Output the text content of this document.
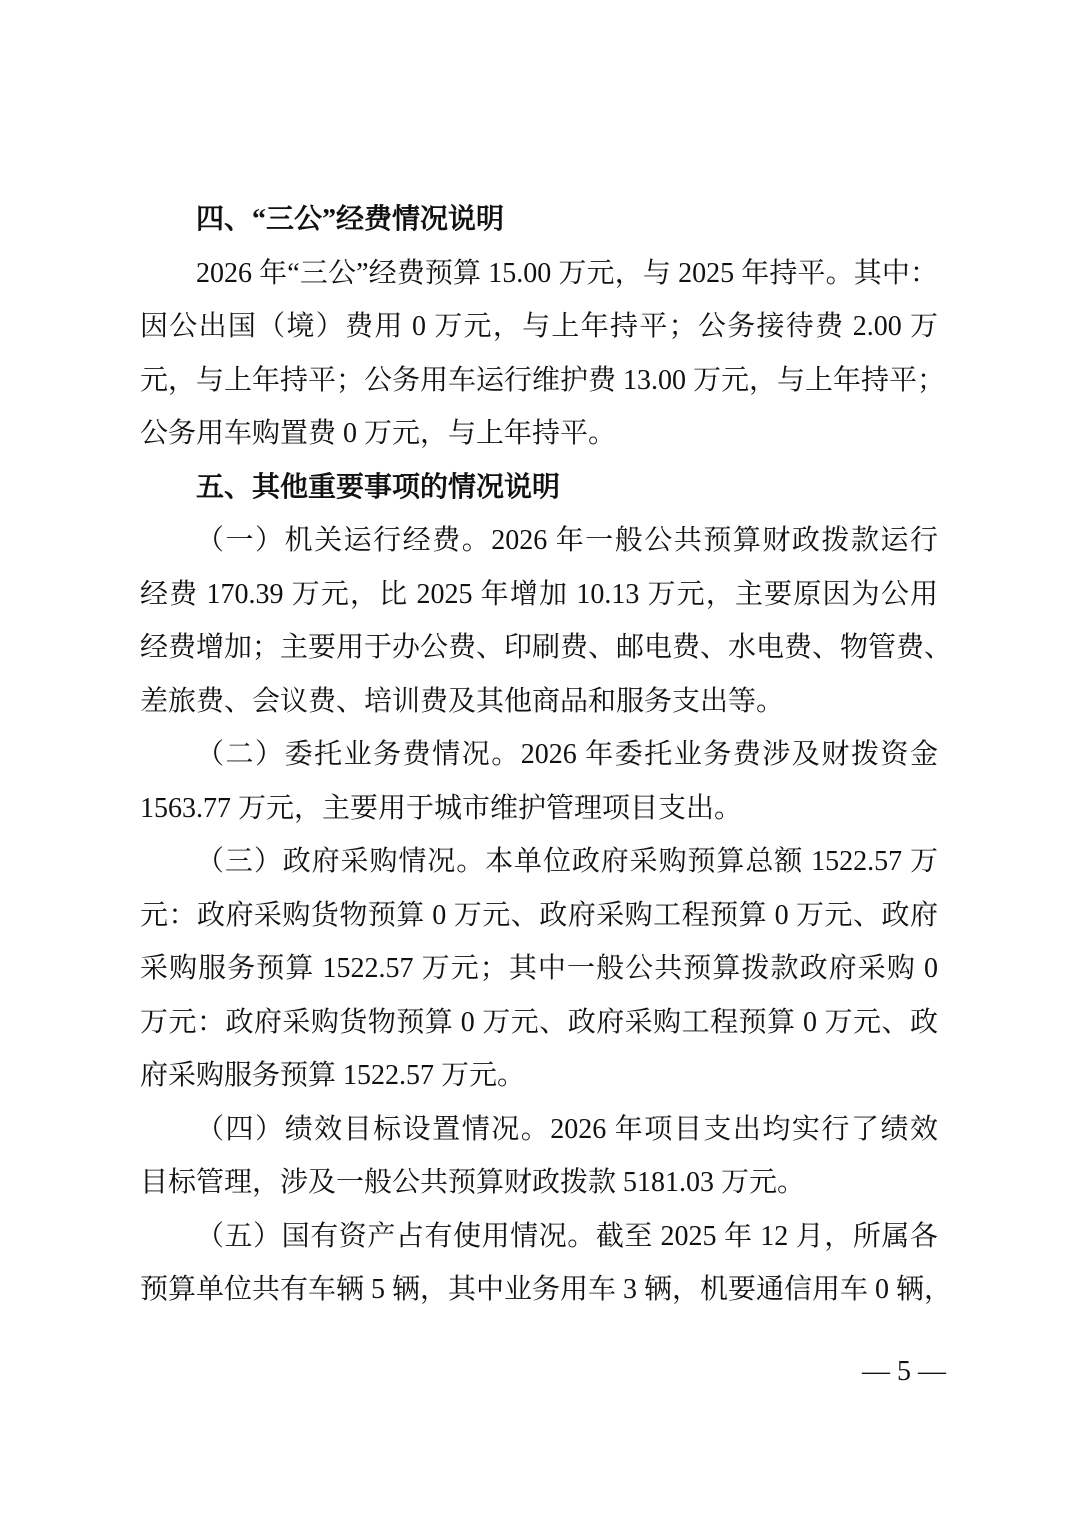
四、“三公”经费情况说明
2026 年“三公”经费预算 15.00 万元，与 2025 年持平。其中：
因公出国（境）费用 0 万元，与上年持平；公务接待费 2.00 万
元，与上年持平；公务用车运行维护费 13.00 万元，与上年持平；
公务用车购置费 0 万元，与上年持平。
五、其他重要事项的情况说明
（一）机关运行经费。2026 年一般公共预算财政拨款运行
经费 170.39 万元，比 2025 年增加 10.13 万元，主要原因为公用
经费增加；主要用于办公费、印刷费、邮电费、水电费、物管费、
差旅费、会议费、培训费及其他商品和服务支出等。
（二）委托业务费情况。2026 年委托业务费涉及财拨资金
1563.77 万元，主要用于城市维护管理项目支出。
（三）政府采购情况。本单位政府采购预算总额 1522.57 万
元：政府采购货物预算 0 万元、政府采购工程预算 0 万元、政府
采购服务预算 1522.57 万元；其中一般公共预算拨款政府采购 0
万元：政府采购货物预算 0 万元、政府采购工程预算 0 万元、政
府采购服务预算 1522.57 万元。
（四）绩效目标设置情况。2026 年项目支出均实行了绩效
目标管理，涉及一般公共预算财政拨款 5181.03 万元。
（五）国有资产占有使用情况。截至 2025 年 12 月，所属各
预算单位共有车辆 5 辆，其中业务用车 3 辆，机要通信用车 0 辆，
— 5 —
